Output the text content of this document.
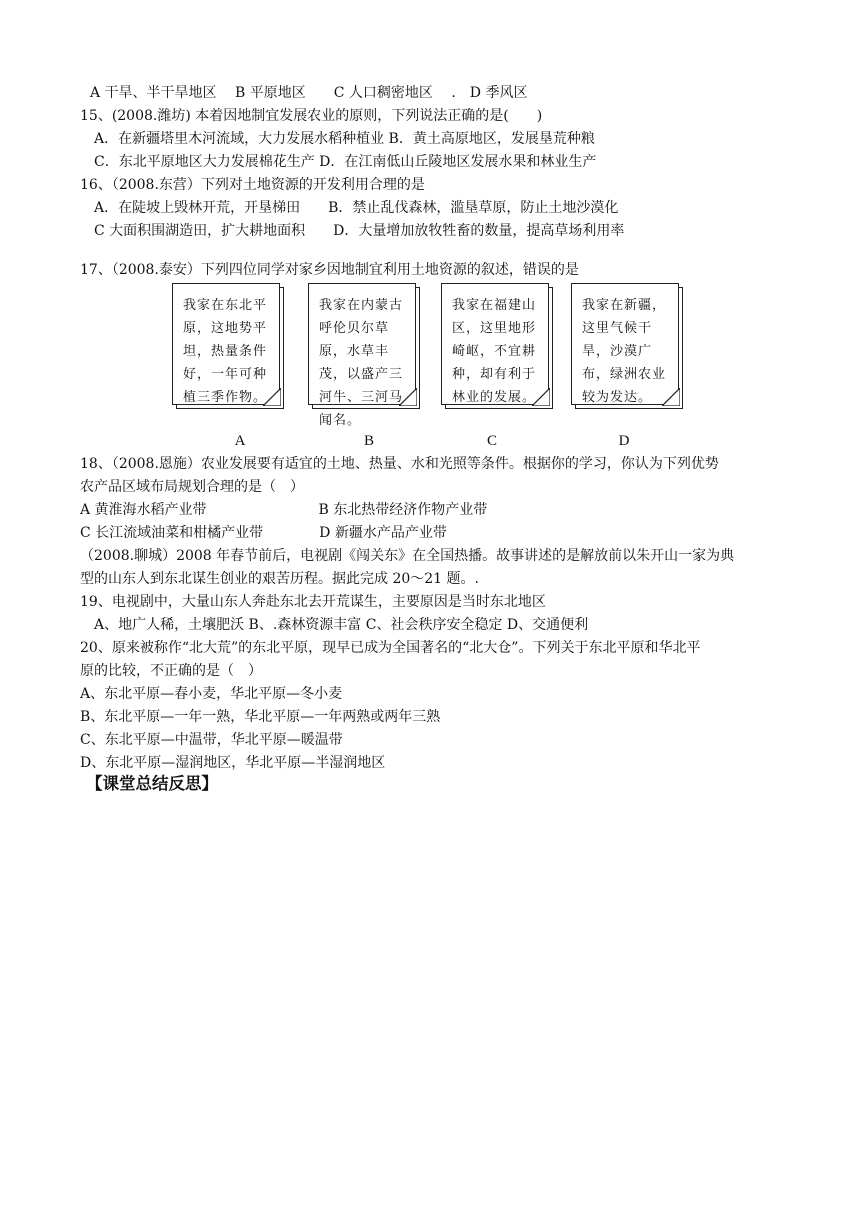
A 干旱、半干旱地区　 B 平原地区　　C 人口稠密地区　 .　D 季风区
15、(2008.潍坊) 本着因地制宜发展农业的原则，下列说法正确的是(　　)
　A．在新疆塔里木河流域，大力发展水稻种植业 B．黄土高原地区，发展垦荒种粮
　C．东北平原地区大力发展棉花生产 D．在江南低山丘陵地区发展水果和林业生产
16、（2008.东营）下列对土地资源的开发利用合理的是
　A．在陡坡上毁林开荒，开垦梯田　　B．禁止乱伐森林，滥垦草原，防止土地沙漠化
　C 大面积围湖造田，扩大耕地面积　　D．大量增加放牧牲畜的数量，提高草场利用率
17、（2008.泰安）下列四位同学对家乡因地制宜利用土地资源的叙述，错误的是
我家在东北平原，这地势平坦，热量条件好，一年可种植三季作物。
A
我家在内蒙古呼伦贝尔草原，水草丰茂，以盛产三河牛、三河马闻名。
B
我家在福建山区，这里地形崎岖，不宜耕种，却有利于林业的发展。
C
我家在新疆，这里气候干旱，沙漠广布，绿洲农业较为发达。
D
18、（2008.恩施）农业发展要有适宜的土地、热量、水和光照等条件。根据你的学习，你认为下列优势
农产品区域布局规划合理的是（　）
A 黄淮海水稻产业带　　　　　　　　B 东北热带经济作物产业带
C 长江流域油菜和柑橘产业带　　　　D 新疆水产品产业带
（2008.聊城）2008 年春节前后，电视剧《闯关东》在全国热播。故事讲述的是解放前以朱开山一家为典
型的山东人到东北谋生创业的艰苦历程。据此完成 20～21 题。.
19、电视剧中，大量山东人奔赴东北去开荒谋生，主要原因是当时东北地区
　A、地广人稀，土壤肥沃 B、.森林资源丰富 C、社会秩序安全稳定 D、交通便利
20、原来被称作“北大荒”的东北平原，现早已成为全国著名的“北大仓”。下列关于东北平原和华北平
原的比较，不正确的是（　）
A、东北平原—春小麦，华北平原—冬小麦
B、东北平原—一年一熟，华北平原—一年两熟或两年三熟
C、东北平原—中温带，华北平原—暖温带
D、东北平原—湿润地区，华北平原—半湿润地区
【课堂总结反思】
